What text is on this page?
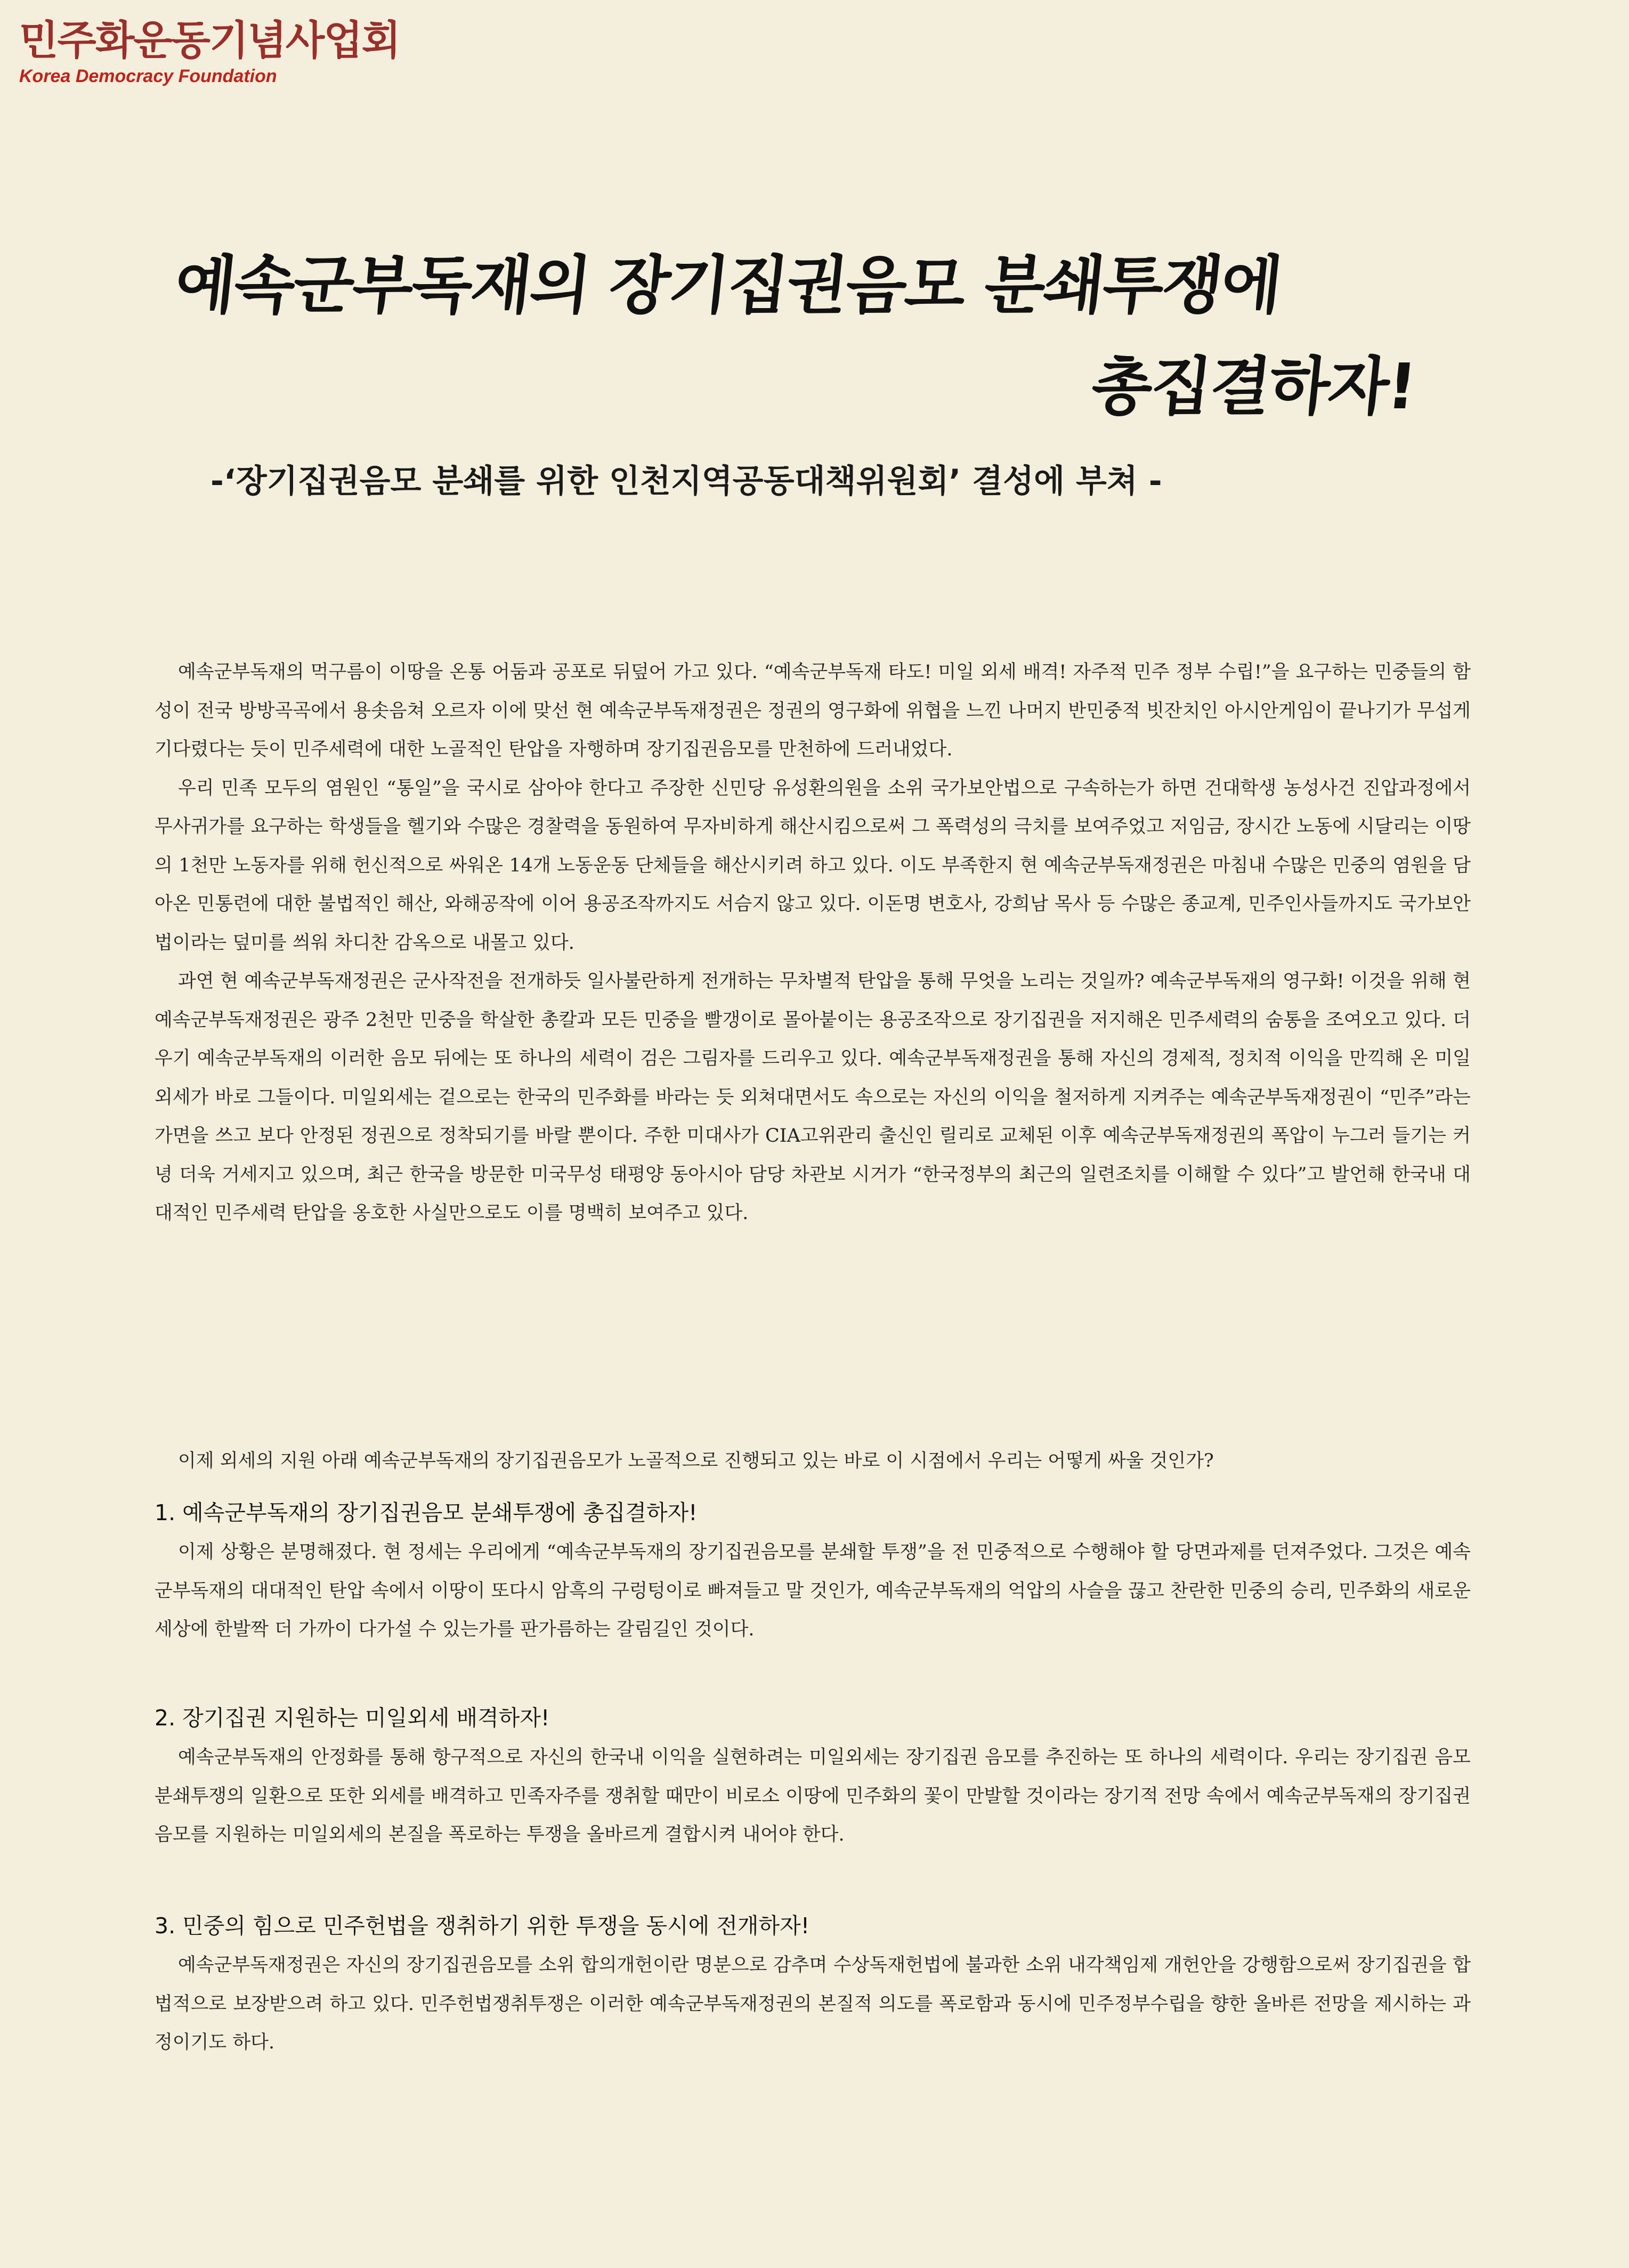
민주화운동기념사업회
Korea Democracy Foundation
예속군부독재의 장기집권음모 분쇄투쟁에
총집결하자!
-‘장기집권음모 분쇄를 위한 인천지역공동대책위원회’ 결성에 부쳐 -

예속군부독재의 먹구름이 이땅을 온통 어둠과 공포로 뒤덮어 가고 있다. “예속군부독재 타도! 미일 외세 배격! 자주적 민주 정부 수립!”을 요구하는 민중들의 함성이 전국 방방곡곡에서 용솟음쳐 오르자 이에 맞선 현 예속군부독재정권은 정권의 영구화에 위협을 느낀 나머지 반민중적 빗잔치인 아시안게임이 끝나기가 무섭게 기다렸다는 듯이 민주세력에 대한 노골적인 탄압을 자행하며 장기집권음모를 만천하에 드러내었다.

우리 민족 모두의 염원인 “통일”을 국시로 삼아야 한다고 주장한 신민당 유성환의원을 소위 국가보안법으로 구속하는가 하면 건대학생 농성사건 진압과정에서 무사귀가를 요구하는 학생들을 헬기와 수많은 경찰력을 동원하여 무자비하게 해산시킴으로써 그 폭력성의 극치를 보여주었고 저임금, 장시간 노동에 시달리는 이땅의 1천만 노동자를 위해 헌신적으로 싸워온 14개 노동운동 단체들을 해산시키려 하고 있다. 이도 부족한지 현 예속군부독재정권은 마침내 수많은 민중의 염원을 담아온 민통련에 대한 불법적인 해산, 와해공작에 이어 용공조작까지도 서슴지 않고 있다. 이돈명 변호사, 강희남 목사 등 수많은 종교계, 민주인사들까지도 국가보안법이라는 덮미를 씌워 차디찬 감옥으로 내몰고 있다.

과연 현 예속군부독재정권은 군사작전을 전개하듯 일사불란하게 전개하는 무차별적 탄압을 통해 무엇을 노리는 것일까? 예속군부독재의 영구화! 이것을 위해 현 예속군부독재정권은 광주 2천만 민중을 학살한 총칼과 모든 민중을 빨갱이로 몰아붙이는 용공조작으로 장기집권을 저지해온 민주세력의 숨통을 조여오고 있다. 더우기 예속군부독재의 이러한 음모 뒤에는 또 하나의 세력이 검은 그림자를 드리우고 있다. 예속군부독재정권을 통해 자신의 경제적, 정치적 이익을 만끽해 온 미일외세가 바로 그들이다. 미일외세는 겉으로는 한국의 민주화를 바라는 듯 외쳐대면서도 속으로는 자신의 이익을 철저하게 지켜주는 예속군부독재정권이 “민주”라는 가면을 쓰고 보다 안정된 정권으로 정착되기를 바랄 뿐이다. 주한 미대사가 CIA고위관리 출신인 릴리로 교체된 이후 예속군부독재정권의 폭압이 누그러 들기는 커녕 더욱 거세지고 있으며, 최근 한국을 방문한 미국무성 태평양 동아시아 담당 차관보 시거가 “한국정부의 최근의 일련조치를 이해할 수 있다”고 발언해 한국내 대대적인 민주세력 탄압을 옹호한 사실만으로도 이를 명백히 보여주고 있다.

이제 외세의 지원 아래 예속군부독재의 장기집권음모가 노골적으로 진행되고 있는 바로 이 시점에서 우리는 어떻게 싸울 것인가?

1. 예속군부독재의 장기집권음모 분쇄투쟁에 총집결하자!

이제 상황은 분명해졌다. 현 정세는 우리에게 “예속군부독재의 장기집권음모를 분쇄할 투쟁”을 전 민중적으로 수행해야 할 당면과제를 던져주었다. 그것은 예속군부독재의 대대적인 탄압 속에서 이땅이 또다시 암흑의 구렁텅이로 빠져들고 말 것인가, 예속군부독재의 억압의 사슬을 끊고 찬란한 민중의 승리, 민주화의 새로운 세상에 한발짝 더 가까이 다가설 수 있는가를 판가름하는 갈림길인 것이다.

2. 장기집권 지원하는 미일외세 배격하자!

예속군부독재의 안정화를 통해 항구적으로 자신의 한국내 이익을 실현하려는 미일외세는 장기집권 음모를 추진하는 또 하나의 세력이다. 우리는 장기집권 음모 분쇄투쟁의 일환으로 또한 외세를 배격하고 민족자주를 쟁취할 때만이 비로소 이땅에 민주화의 꽃이 만발할 것이라는 장기적 전망 속에서 예속군부독재의 장기집권음모를 지원하는 미일외세의 본질을 폭로하는 투쟁을 올바르게 결합시켜 내어야 한다.

3. 민중의 힘으로 민주헌법을 쟁취하기 위한 투쟁을 동시에 전개하자!

예속군부독재정권은 자신의 장기집권음모를 소위 합의개헌이란 명분으로 감추며 수상독재헌법에 불과한 소위 내각책임제 개헌안을 강행함으로써 장기집권을 합법적으로 보장받으려 하고 있다. 민주헌법쟁취투쟁은 이러한 예속군부독재정권의 본질적 의도를 폭로함과 동시에 민주정부수립을 향한 올바른 전망을 제시하는 과정이기도 하다.
